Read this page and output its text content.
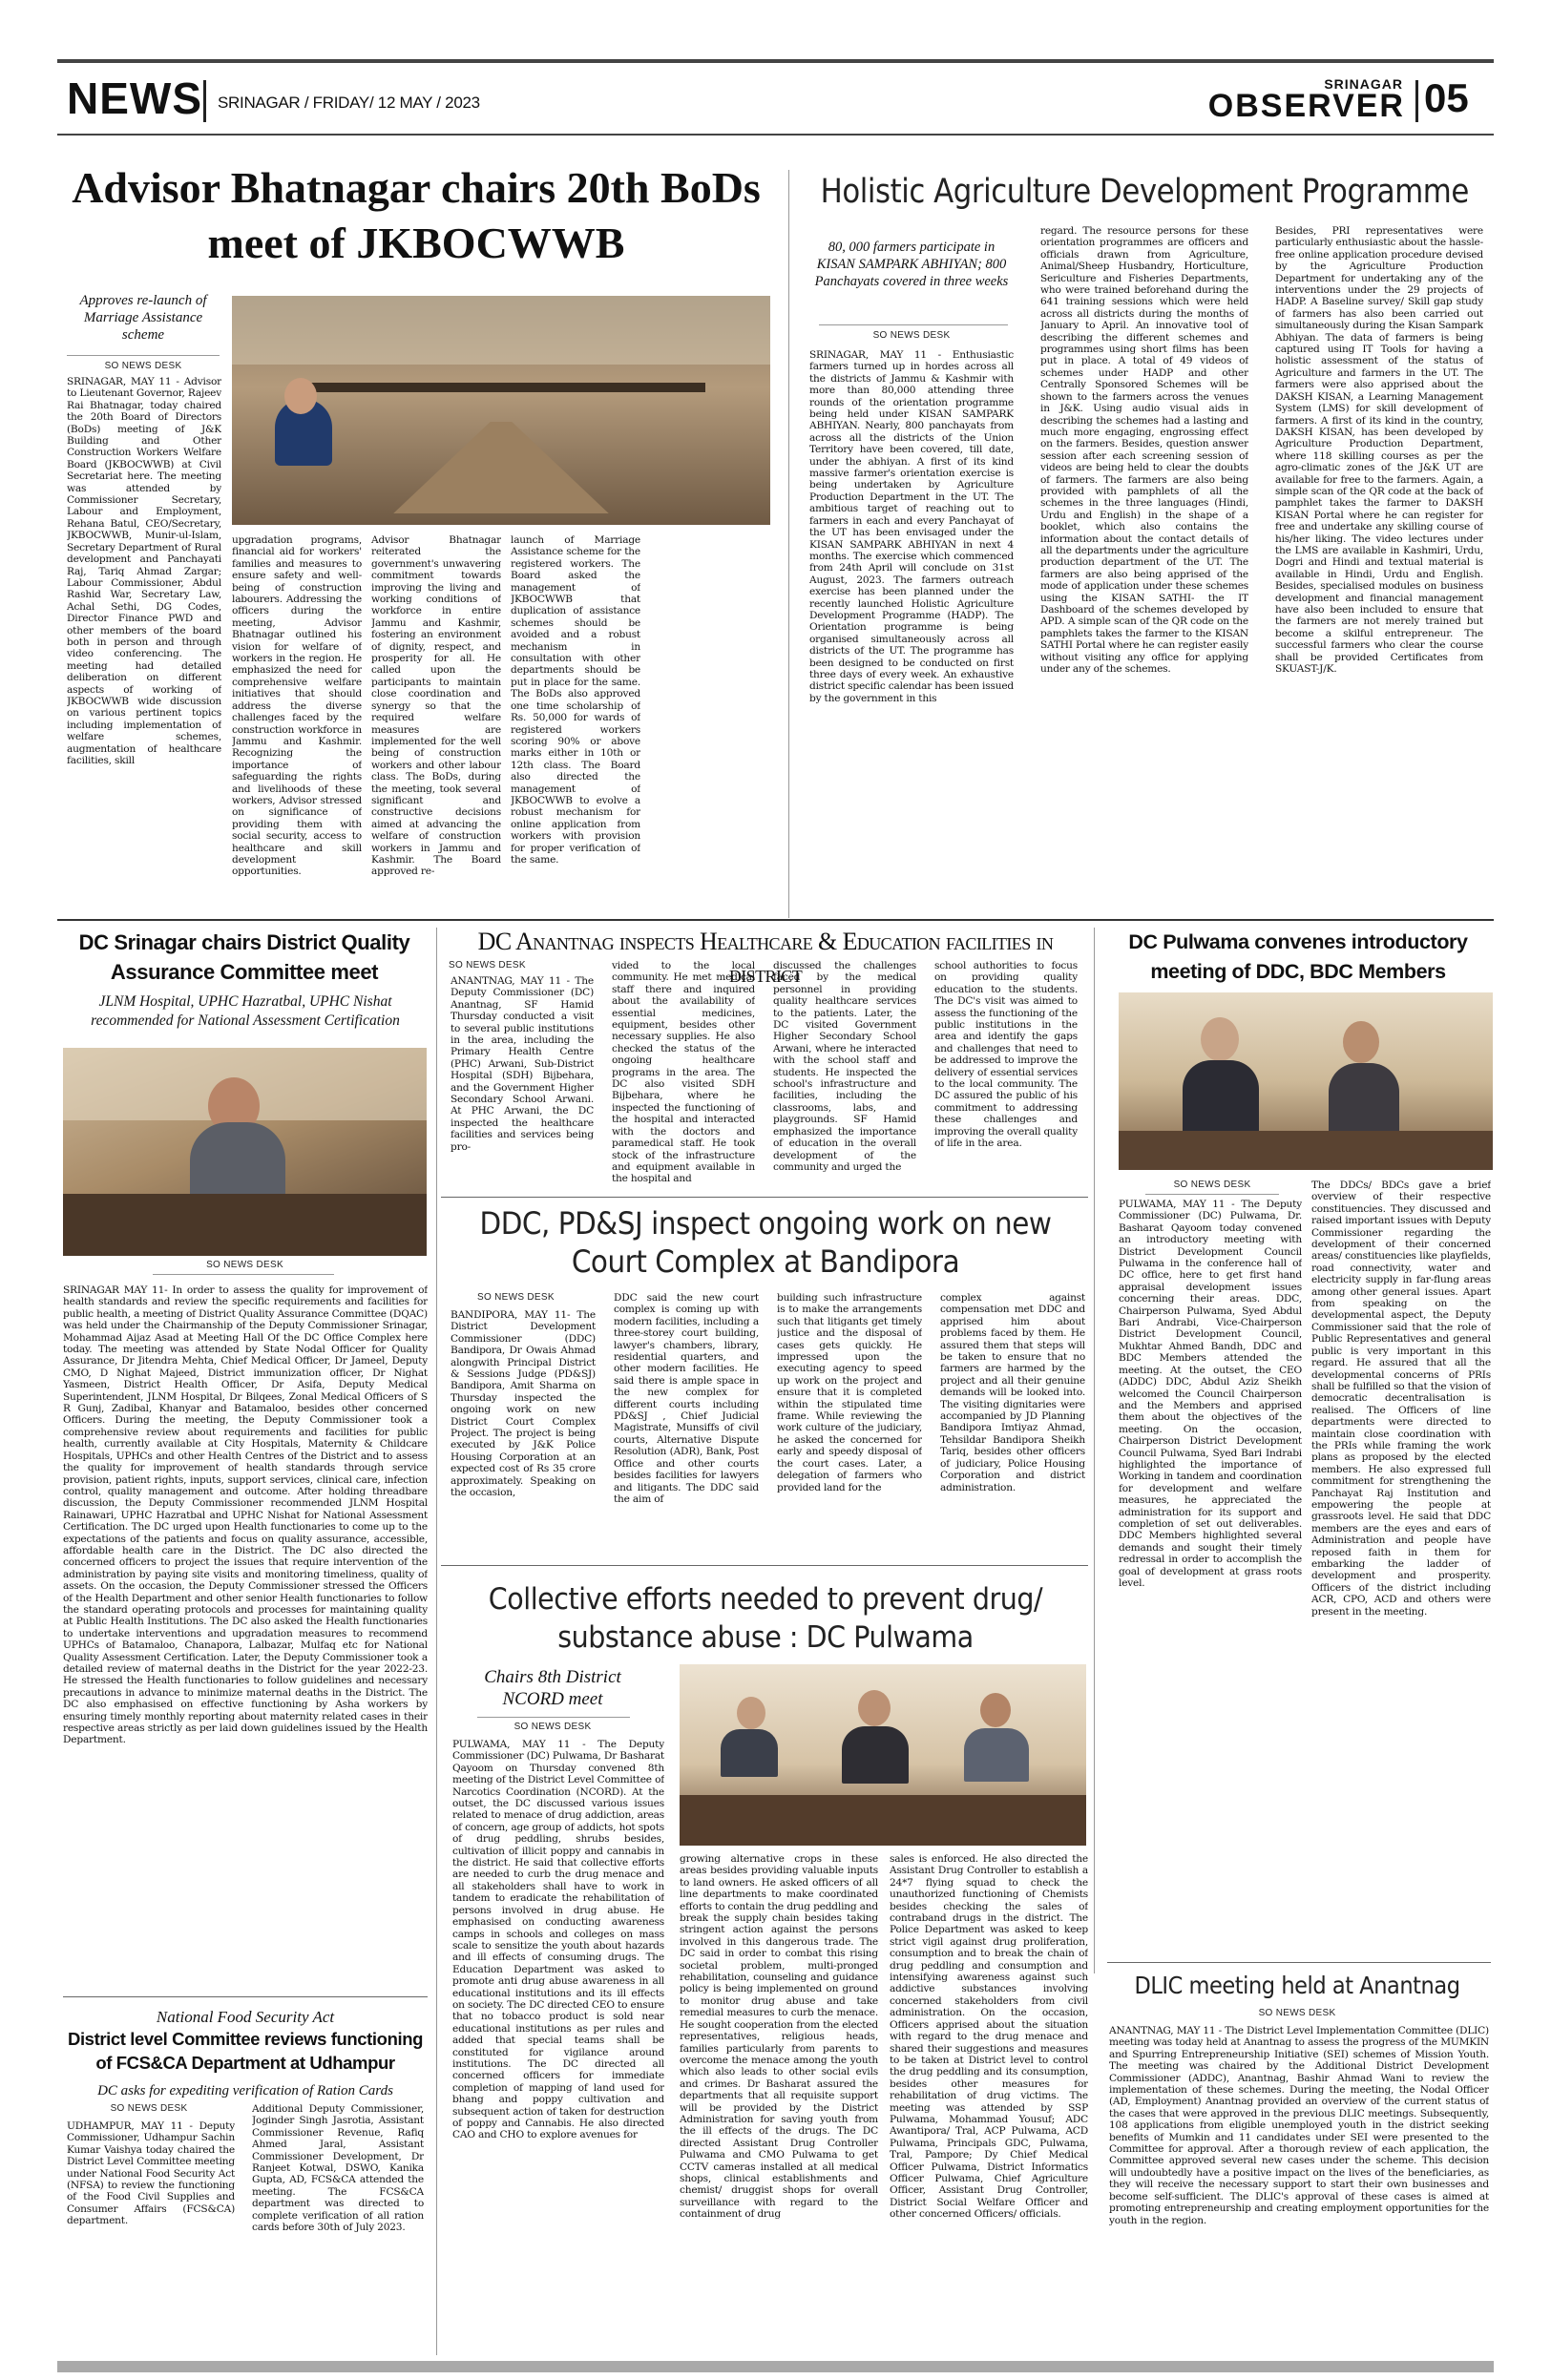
NEWS SRINAGAR / FRIDAY/ 12 MAY / 2023
SRINAGAR
OBSERVER 05
Advisor Bhatnagar chairs 20th BoDs meet of JKBOCWWB
Approves re-launch of Marriage Assistance scheme
SO NEWS DESK
SRINAGAR, MAY 11 - Advisor to Lieutenant Governor, Rajeev Rai Bhatnagar, today chaired the 20th Board of Directors (BoDs) meeting of J&K Building and Other Construction Workers Welfare Board (JKBOCWWB) at Civil Secretariat here. The meeting was attended by Commissioner Secretary, Labour and Employment, Rehana Batul, CEO/Secretary, JKBOCWWB, Munir-ul-Islam, Secretary Department of Rural development and Panchayati Raj, Tariq Ahmad Zargar; Labour Commissioner, Abdul Rashid War, Secretary Law, Achal Sethi, DG Codes, Director Finance PWD and other members of the board both in person and through video conferencing. The meeting had detailed deliberation on different aspects of working of JKBOCWWB wide discussion on various pertinent topics including implementation of welfare schemes, augmentation of healthcare facilities, skill
upgradation programs, financial aid for workers' families and measures to ensure safety and well-being of construction labourers. Addressing the officers during the meeting, Advisor Bhatnagar outlined his vision for welfare of workers in the region. He emphasized the need for comprehensive welfare initiatives that should address the diverse challenges faced by the construction workforce in Jammu and Kashmir. Recognizing the importance of safeguarding the rights and livelihoods of these workers, Advisor stressed on significance of providing them with social security, access to healthcare and skill development opportunities.
Advisor Bhatnagar reiterated the government's unwavering commitment towards improving the living and working conditions of workforce in entire Jammu and Kashmir, fostering an environment of dignity, respect, and prosperity for all. He called upon the participants to maintain close coordination and synergy so that the required welfare measures are implemented for the well being of construction workers and other labour class. The BoDs, during the meeting, took several significant and constructive decisions aimed at advancing the welfare of construction workers in Jammu and Kashmir. The Board approved re-
launch of Marriage Assistance scheme for the registered workers. The Board asked the management of JKBOCWWB that duplication of assistance schemes should be avoided and a robust mechanism in consultation with other departments should be put in place for the same. The BoDs also approved one time scholarship of Rs. 50,000 for wards of registered workers scoring 90% or above marks either in 10th or 12th class. The Board also directed the management of JKBOCWWB to evolve a robust mechanism for online application from workers with provision for proper verification of the same.
Holistic Agriculture Development Programme
80, 000 farmers participate in KISAN SAMPARK ABHIYAN; 800 Panchayats covered in three weeks
SO NEWS DESK
SRINAGAR, MAY 11 - Enthusiastic farmers turned up in hordes across all the districts of Jammu & Kashmir with more than 80,000 attending three rounds of the orientation programme being held under KISAN SAMPARK ABHIYAN. Nearly, 800 panchayats from across all the districts of the Union Territory have been covered, till date, under the abhiyan. A first of its kind massive farmer's orientation exercise is being undertaken by Agriculture Production Department in the UT. The ambitious target of reaching out to farmers in each and every Panchayat of the UT has been envisaged under the KISAN SAMPARK ABHIYAN in next 4 months. The exercise which commenced from 24th April will conclude on 31st August, 2023. The farmers outreach exercise has been planned under the recently launched Holistic Agriculture Development Programme (HADP). The Orientation programme is being organised simultaneously across all districts of the UT. The programme has been designed to be conducted on first three days of every week. An exhaustive district specific calendar has been issued by the government in this
regard. The resource persons for these orientation programmes are officers and officials drawn from Agriculture, Animal/Sheep Husbandry, Horticulture, Sericulture and Fisheries Departments, who were trained beforehand during the 641 training sessions which were held across all districts during the months of January to April. An innovative tool of describing the different schemes and programmes using short films has been put in place. A total of 49 videos of schemes under HADP and other Centrally Sponsored Schemes will be shown to the farmers across the venues in J&K. Using audio visual aids in describing the schemes had a lasting and much more engaging, engrossing effect on the farmers. Besides, question answer session after each screening session of videos are being held to clear the doubts of farmers. The farmers are also being provided with pamphlets of all the schemes in the three languages (Hindi, Urdu and English) in the shape of a booklet, which also contains the information about the contact details of all the departments under the agriculture production department of the UT. The farmers are also being apprised of the mode of application under these schemes using the KISAN SATHI- the IT Dashboard of the schemes developed by APD. A simple scan of the QR code on the pamphlets takes the farmer to the KISAN SATHI Portal where he can register easily without visiting any office for applying under any of the schemes.
Besides, PRI representatives were particularly enthusiastic about the hassle-free online application procedure devised by the Agriculture Production Department for undertaking any of the interventions under the 29 projects of HADP. A Baseline survey/ Skill gap study of farmers has also been carried out simultaneously during the Kisan Sampark Abhiyan. The data of farmers is being captured using IT Tools for having a holistic assessment of the status of Agriculture and farmers in the UT. The farmers were also apprised about the DAKSH KISAN, a Learning Management System (LMS) for skill development of farmers. A first of its kind in the country, DAKSH KISAN, has been developed by Agriculture Production Department, where 118 skilling courses as per the agro-climatic zones of the J&K UT are available for free to the farmers. Again, a simple scan of the QR code at the back of pamphlet takes the farmer to DAKSH KISAN Portal where he can register for free and undertake any skilling course of his/her liking. The video lectures under the LMS are available in Kashmiri, Urdu, Dogri and Hindi and textual material is available in Hindi, Urdu and English. Besides, specialised modules on business development and financial management have also been included to ensure that the farmers are not merely trained but become a skilful entrepreneur. The successful farmers who clear the course shall be provided Certificates from SKUAST-J/K.
DC Srinagar chairs District Quality Assurance Committee meet
JLNM Hospital, UPHC Hazratbal, UPHC Nishat recommended for National Assessment Certification
SO NEWS DESK
SRINAGAR MAY 11- In order to assess the quality for improvement of health standards and review the specific requirements and facilities for public health, a meeting of District Quality Assurance Committee (DQAC) was held under the Chairmanship of the Deputy Commissioner Srinagar, Mohammad Aijaz Asad at Meeting Hall Of the DC Office Complex here today. The meeting was attended by State Nodal Officer for Quality Assurance, Dr Jitendra Mehta, Chief Medical Officer, Dr Jameel, Deputy CMO, D Nighat Majeed, District immunization officer, Dr Nighat Yasmeen, District Health Officer, Dr Asifa, Deputy Medical Superintendent, JLNM Hospital, Dr Bilqees, Zonal Medical Officers of S R Gunj, Zadibal, Khanyar and Batamaloo, besides other concerned Officers. During the meeting, the Deputy Commissioner took a comprehensive review about requirements and facilities for public health, currently available at City Hospitals, Maternity & Childcare Hospitals, UPHCs and other Health Centres of the District and to assess the quality for improvement of health standards through service provision, patient rights, inputs, support services, clinical care, infection control, quality management and outcome. After holding threadbare discussion, the Deputy Commissioner recommended JLNM Hospital Rainawari, UPHC Hazratbal and UPHC Nishat for National Assessment Certification. The DC urged upon Health functionaries to come up to the expectations of the patients and focus on quality assurance, accessible, affordable health care in the District. The DC also directed the concerned officers to project the issues that require intervention of the administration by paying site visits and monitoring timeliness, quality of assets. On the occasion, the Deputy Commissioner stressed the Officers of the Health Department and other senior Health functionaries to follow the standard operating protocols and processes for maintaining quality at Public Health Institutions. The DC also asked the Health functionaries to undertake interventions and upgradation measures to recommend UPHCs of Batamaloo, Chanapora, Lalbazar, Mulfaq etc for National Quality Assessment Certification. Later, the Deputy Commissioner took a detailed review of maternal deaths in the District for the year 2022-23. He stressed the Health functionaries to follow guidelines and necessary precautions in advance to minimize maternal deaths in the District. The DC also emphasised on effective functioning by Asha workers by ensuring timely monthly reporting about maternity related cases in their respective areas strictly as per laid down guidelines issued by the Health Department.
DC Anantnag inspects Healthcare & Education facilities in district
SO NEWS DESK
ANANTNAG, MAY 11 - The Deputy Commissioner (DC) Anantnag, SF Hamid Thursday conducted a visit to several public institutions in the area, including the Primary Health Centre (PHC) Arwani, Sub-District Hospital (SDH) Bijbehara, and the Government Higher Secondary School Arwani. At PHC Arwani, the DC inspected the healthcare facilities and services being pro-
vided to the local community. He met medical staff there and inquired about the availability of essential medicines, equipment, besides other necessary supplies. He also checked the status of the ongoing healthcare programs in the area. The DC also visited SDH Bijbehara, where he inspected the functioning of the hospital and interacted with the doctors and paramedical staff. He took stock of the infrastructure and equipment available in the hospital and
discussed the challenges faced by the medical personnel in providing quality healthcare services to the patients. Later, the DC visited Government Higher Secondary School Arwani, where he interacted with the school staff and students. He inspected the school's infrastructure and facilities, including the classrooms, labs, and playgrounds. SF Hamid emphasized the importance of education in the overall development of the community and urged the
school authorities to focus on providing quality education to the students. The DC's visit was aimed to assess the functioning of the public institutions in the area and identify the gaps and challenges that need to be addressed to improve the delivery of essential services to the local community. The DC assured the public of his commitment to addressing these challenges and improving the overall quality of life in the area.
DDC, PD&SJ inspect ongoing work on new Court Complex at Bandipora
SO NEWS DESK
BANDIPORA, MAY 11- The District Development Commissioner (DDC) Bandipora, Dr Owais Ahmad alongwith Principal District & Sessions Judge (PD&SJ) Bandipora, Amit Sharma on Thursday inspected the ongoing work on new District Court Complex Project. The project is being executed by J&K Police Housing Corporation at an expected cost of Rs 35 crore approximately. Speaking on the occasion,
DDC said the new court complex is coming up with modern facilities, including a three-storey court building, lawyer's chambers, library, residential quarters, and other modern facilities. He said there is ample space in the new complex for different courts including PD&SJ , Chief Judicial Magistrate, Munsiffs of civil courts, Alternative Dispute Resolution (ADR), Bank, Post Office and other courts besides facilities for lawyers and litigants. The DDC said the aim of
building such infrastructure is to make the arrangements such that litigants get timely justice and the disposal of cases gets quickly. He impressed upon the executing agency to speed up work on the project and ensure that it is completed within the stipulated time frame. While reviewing the work culture of the judiciary, he asked the concerned for early and speedy disposal of the court cases. Later, a delegation of farmers who provided land for the
complex against compensation met DDC and apprised him about problems faced by them. He assured them that steps will be taken to ensure that no farmers are harmed by the project and all their genuine demands will be looked into. The visiting dignitaries were accompanied by JD Planning Bandipora Imtiyaz Ahmad, Tehsildar Bandipora Sheikh Tariq, besides other officers of judiciary, Police Housing Corporation and district administration.
DC Pulwama convenes introductory meeting of DDC, BDC Members
SO NEWS DESK
PULWAMA, MAY 11 - The Deputy Commissioner (DC) Pulwama, Dr. Basharat Qayoom today convened an introductory meeting with District Development Council Pulwama in the conference hall of DC office, here to get first hand appraisal development issues concerning their areas. DDC, Chairperson Pulwama, Syed Abdul Bari Andrabi, Vice-Chairperson District Development Council, Mukhtar Ahmed Bandh, DDC and BDC Members attended the meeting. At the outset, the CEO (ADDC) DDC, Abdul Aziz Sheikh welcomed the Council Chairperson and the Members and apprised them about the objectives of the meeting. On the occasion, Chairperson District Development Council Pulwama, Syed Bari Indrabi highlighted the importance of Working in tandem and coordination for development and welfare measures, he appreciated the administration for its support and completion of set out deliverables. DDC Members highlighted several demands and sought their timely redressal in order to accomplish the goal of development at grass roots level.
The DDCs/ BDCs gave a brief overview of their respective constituencies. They discussed and raised important issues with Deputy Commissioner regarding the development of their concerned areas/ constituencies like playfields, road connectivity, water and electricity supply in far-flung areas among other general issues. Apart from speaking on the developmental aspect, the Deputy Commissioner said that the role of Public Representatives and general public is very important in this regard. He assured that all the developmental concerns of PRIs shall be fulfilled so that the vision of democratic decentralisation is realised. The Officers of line departments were directed to maintain close coordination with the PRIs while framing the work plans as proposed by the elected members. He also expressed full commitment for strengthening the Panchayat Raj Institution and empowering the people at grassroots level. He said that DDC members are the eyes and ears of Administration and people have reposed faith in them for embarking the ladder of development and prosperity. Officers of the district including ACR, CPO, ACD and others were present in the meeting.
Collective efforts needed to prevent drug/ substance abuse : DC Pulwama
Chairs 8th District NCORD meet
SO NEWS DESK
PULWAMA, MAY 11 - The Deputy Commissioner (DC) Pulwama, Dr Basharat Qayoom on Thursday convened 8th meeting of the District Level Committee of Narcotics Coordination (NCORD). At the outset, the DC discussed various issues related to menace of drug addiction, areas of concern, age group of addicts, hot spots of drug peddling, shrubs besides, cultivation of illicit poppy and cannabis in the district. He said that collective efforts are needed to curb the drug menace and all stakeholders shall have to work in tandem to eradicate the rehabilitation of persons involved in drug abuse. He emphasised on conducting awareness camps in schools and colleges on mass scale to sensitize the youth about hazards and ill effects of consuming drugs. The Education Department was asked to promote anti drug abuse awareness in all educational institutions and its ill effects on society. The DC directed CEO to ensure that no tobacco product is sold near educational institutions as per rules and added that special teams shall be constituted for vigilance around institutions. The DC directed all concerned officers for immediate completion of mapping of land used for bhang and poppy cultivation and subsequent action of taken for destruction of poppy and Cannabis. He also directed CAO and CHO to explore avenues for
growing alternative crops in these areas besides providing valuable inputs to land owners. He asked officers of all line departments to make coordinated efforts to contain the drug peddling and break the supply chain besides taking stringent action against the persons involved in this dangerous trade. The DC said in order to combat this rising societal problem, multi-pronged rehabilitation, counseling and guidance policy is being implemented on ground to monitor drug abuse and take remedial measures to curb the menace. He sought cooperation from the elected representatives, religious heads, families particularly from parents to overcome the menace among the youth which also leads to other social evils and crimes. Dr Basharat assured the departments that all requisite support will be provided by the District Administration for saving youth from the ill effects of the drugs. The DC directed Assistant Drug Controller Pulwama and CMO Pulwama to get CCTV cameras installed at all medical shops, clinical establishments and chemist/ druggist shops for overall surveillance with regard to the containment of drug
sales is enforced. He also directed the Assistant Drug Controller to establish a 24*7 flying squad to check the unauthorized functioning of Chemists besides checking the sales of contraband drugs in the district. The Police Department was asked to keep strict vigil against drug proliferation, consumption and to break the chain of drug peddling and consumption and intensifying awareness against such addictive substances involving concerned stakeholders from civil administration. On the occasion, Officers apprised about the situation with regard to the drug menace and shared their suggestions and measures to be taken at District level to control the drug peddling and its consumption, besides other measures for rehabilitation of drug victims. The meeting was attended by SSP Pulwama, Mohammad Yousuf; ADC Awantipora/ Tral, ACP Pulwama, ACD Pulwama, Principals GDC, Pulwama, Tral, Pampore; Dy Chief Medical Officer Pulwama, District Informatics Officer Pulwama, Chief Agriculture Officer, Assistant Drug Controller, District Social Welfare Officer and other concerned Officers/ officials.
National Food Security Act
District level Committee reviews functioning of FCS&CA Department at Udhampur
DC asks for expediting verification of Ration Cards
SO NEWS DESK
UDHAMPUR, MAY 11 - Deputy Commissioner, Udhampur Sachin Kumar Vaishya today chaired the District Level Committee meeting under National Food Security Act (NFSA) to review the functioning of the Food Civil Supplies and Consumer Affairs (FCS&CA) department.
Additional Deputy Commissioner, Joginder Singh Jasrotia, Assistant Commissioner Revenue, Rafiq Ahmed Jaral, Assistant Commissioner Development, Dr Ranjeet Kotwal, DSWO, Kanika Gupta, AD, FCS&CA attended the meeting. The FCS&CA department was directed to complete verification of all ration cards before 30th of July 2023.
DLIC meeting held at Anantnag
SO NEWS DESK
ANANTNAG, MAY 11 - The District Level Implementation Committee (DLIC) meeting was today held at Anantnag to assess the progress of the MUMKIN and Spurring Entrepreneurship Initiative (SEI) schemes of Mission Youth. The meeting was chaired by the Additional District Development Commissioner (ADDC), Anantnag, Bashir Ahmad Wani to review the implementation of these schemes. During the meeting, the Nodal Officer (AD, Employment) Anantnag provided an overview of the current status of the cases that were approved in the previous DLIC meetings. Subsequently, 108 applications from eligible unemployed youth in the district seeking benefits of Mumkin and 11 candidates under SEI were presented to the Committee for approval. After a thorough review of each application, the Committee approved several new cases under the scheme. This decision will undoubtedly have a positive impact on the lives of the beneficiaries, as they will receive the necessary support to start their own businesses and become self-sufficient. The DLIC's approval of these cases is aimed at promoting entrepreneurship and creating employment opportunities for the youth in the region.
